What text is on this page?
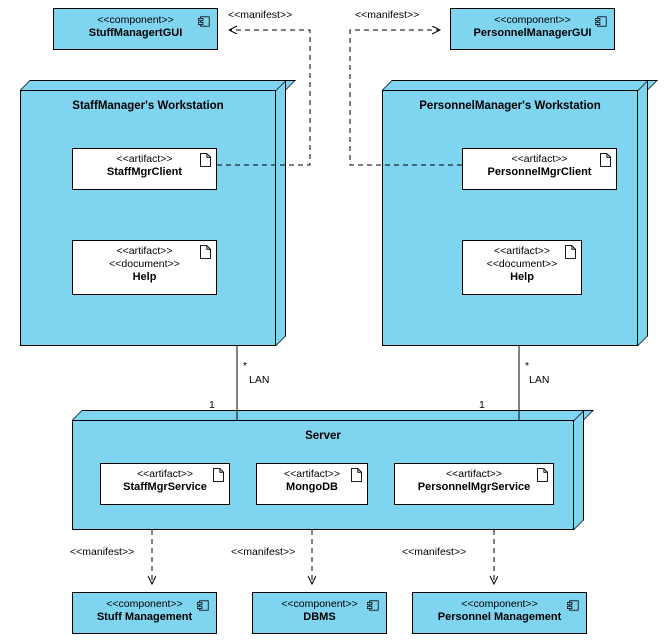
<<component>>
StuffManagertGUI
<<component>>
PersonnelManagerGUI
StaffManager's Workstation
<<artifact>>
StaffMgrClient
<<artifact>>
<<document>>
Help
PersonnelManager's Workstation
<<artifact>>
PersonnelMgrClient
<<artifact>>
<<document>>
Help
Server
<<artifact>>
StaffMgrService
<<artifact>>
MongoDB
<<artifact>>
PersonnelMgrService
<<component>>
Stuff Management
<<component>>
DBMS
<<component>>
Personnel Management
<<manifest>>	<<manifest>>
*
LAN
1
*
LAN
1
<<manifest>>	<<manifest>>	<<manifest>>
